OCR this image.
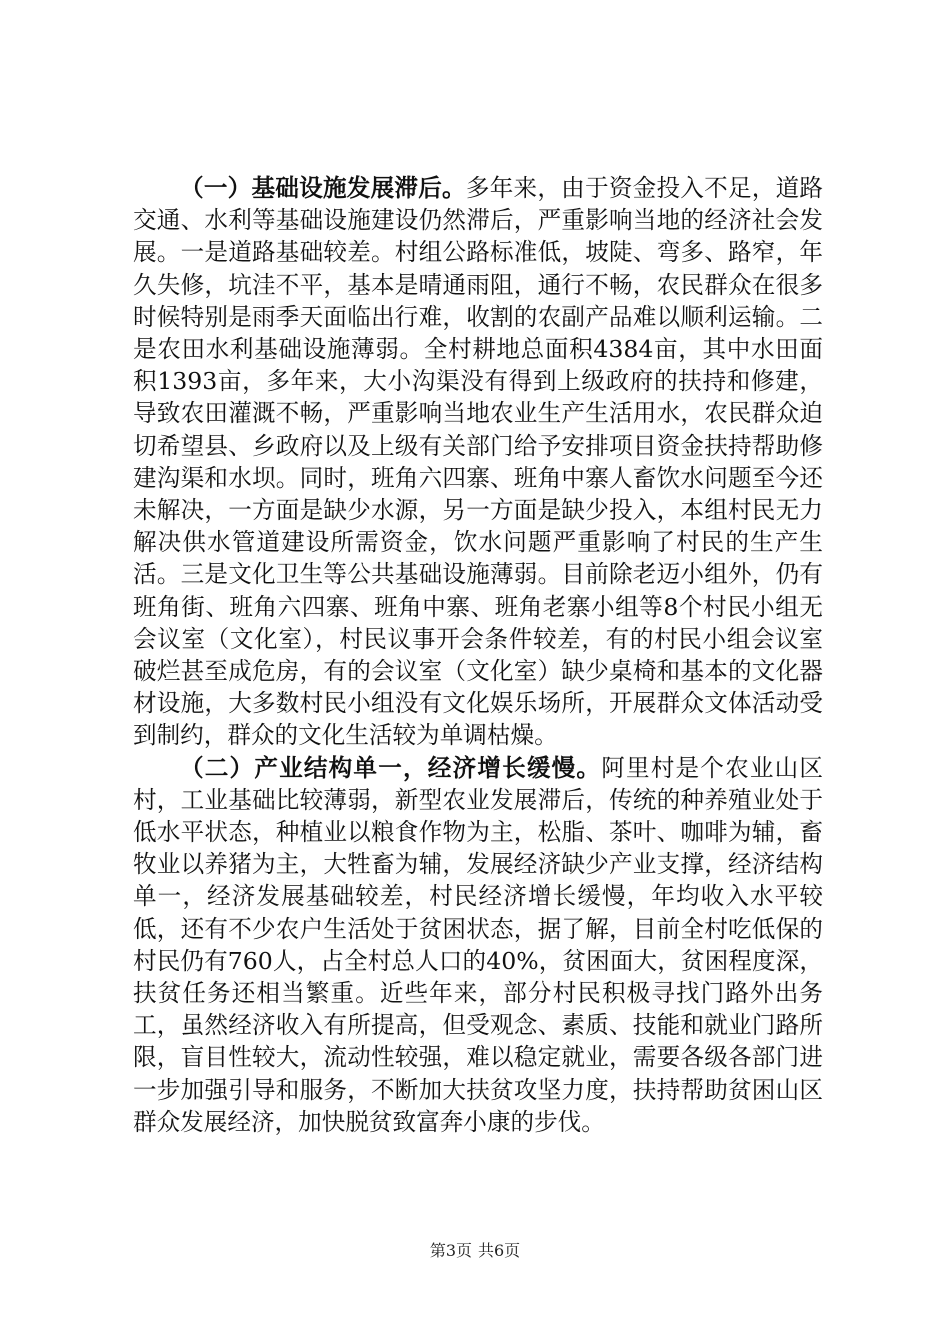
（一）基础设施发展滞后。多年来，由于资金投入不足，道路交通、水利等基础设施建设仍然滞后，严重影响当地的经济社会发展。一是道路基础较差。村组公路标准低，坡陡、弯多、路窄，年久失修，坑洼不平，基本是晴通雨阻，通行不畅，农民群众在很多时候特别是雨季天面临出行难，收割的农副产品难以顺利运输。二是农田水利基础设施薄弱。全村耕地总面积4384亩，其中水田面积1393亩，多年来，大小沟渠没有得到上级政府的扶持和修建，导致农田灌溉不畅，严重影响当地农业生产生活用水，农民群众迫切希望县、乡政府以及上级有关部门给予安排项目资金扶持帮助修建沟渠和水坝。同时，班角六四寨、班角中寨人畜饮水问题至今还未解决，一方面是缺少水源，另一方面是缺少投入，本组村民无力解决供水管道建设所需资金，饮水问题严重影响了村民的生产生活。三是文化卫生等公共基础设施薄弱。目前除老迈小组外，仍有班角街、班角六四寨、班角中寨、班角老寨小组等8个村民小组无会议室（文化室），村民议事开会条件较差，有的村民小组会议室破烂甚至成危房，有的会议室（文化室）缺少桌椅和基本的文化器材设施，大多数村民小组没有文化娱乐场所，开展群众文体活动受到制约，群众的文化生活较为单调枯燥。

（二）产业结构单一，经济增长缓慢。阿里村是个农业山区村，工业基础比较薄弱，新型农业发展滞后，传统的种养殖业处于低水平状态，种植业以粮食作物为主，松脂、茶叶、咖啡为辅，畜牧业以养猪为主，大牲畜为辅，发展经济缺少产业支撑，经济结构单一，经济发展基础较差，村民经济增长缓慢，年均收入水平较低，还有不少农户生活处于贫困状态，据了解，目前全村吃低保的村民仍有760人，占全村总人口的40%，贫困面大，贫困程度深，扶贫任务还相当繁重。近些年来，部分村民积极寻找门路外出务工，虽然经济收入有所提高，但受观念、素质、技能和就业门路所限，盲目性较大，流动性较强，难以稳定就业，需要各级各部门进一步加强引导和服务，不断加大扶贫攻坚力度，扶持帮助贫困山区群众发展经济，加快脱贫致富奔小康的步伐。

第3页 共6页
